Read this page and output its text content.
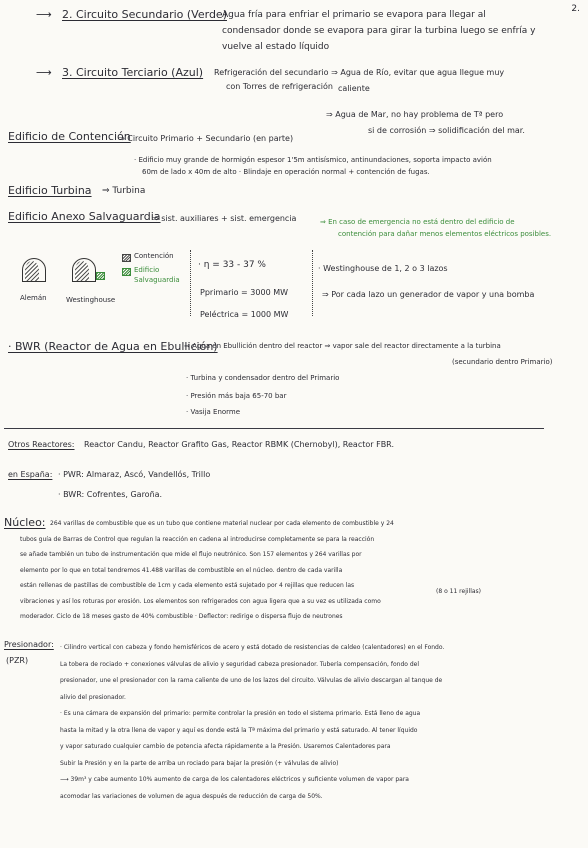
2.
⟶ 2. Circuito Secundario (Verde)
Agua fría para enfriar el primario se evapora para llegar al
condensador donde se evapora para girar la turbina luego se enfría y
vuelve al estado líquido
⟶ 3. Circuito Terciario (Azul) Refrigeración del secundario ⇒ Agua de Río, evitar que agua llegue muy
con Torres de refrigeración caliente
⇒ Agua de Mar, no hay problema de Tª pero
si de corrosión ⇒ solidificación del mar.
Edificio de Contención
⇒ Circuito Primario + Secundario (en parte)
· Edificio muy grande de hormigón espesor 1'5m antisísmico, antinundaciones, soporta impacto avión
60m de lado x 40m de alto · Blindaje en operación normal + contención de fugas.
Edificio Turbina ⇒ Turbina
Edificio Anexo Salvaguardia
⇒ sist. auxiliares + sist. emergencia	⇒ En caso de emergencia no está dentro del edificio de
contención para dañar menos elementos eléctricos posibles.
Alemán	Westinghouse
Contención
Edificio
Salvaguardia
· η = 33 - 37 %
Pprimario = 3000 MW
Peléctrica = 1000 MW
· Westinghouse de 1, 2 o 3 lazos
⇒ Por cada lazo un generador de vapor y una bomba
· BWR (Reactor de Agua en Ebullición)
⇒ Agua en Ebullición dentro del reactor ⇒ vapor sale del reactor directamente a la turbina
(secundario dentro Primario)
· Turbina y condensador dentro del Primario
· Presión más baja 65-70 bar
· Vasija Enorme
Otros Reactores: Reactor Candu, Reactor Grafito Gas, Reactor RBMK (Chernobyl), Reactor FBR.
en España: · PWR: Almaraz, Ascó, Vandellós, Trillo
· BWR: Cofrentes, Garoña.
Núcleo:
(8 o 11 rejillas)
264 varillas de combustible que es un tubo que contiene material nuclear por cada elemento de combustible y 24
tubos guía de Barras de Control que regulan la reacción en cadena al introducirse completamente se para la reacción
se añade también un tubo de instrumentación que mide el flujo neutrónico. Son 157 elementos y 264 varillas por
elemento por lo que en total tendremos 41.488 varillas de combustible en el núcleo. dentro de cada varilla
están rellenas de pastillas de combustible de 1cm y cada elemento está sujetado por 4 rejillas que reducen las
vibraciones y así los roturas por erosión. Los elementos son refrigerados con agua ligera que a su vez es utilizada como
moderador. Ciclo de 18 meses gasto de 40% combustible · Deflector: redirige o dispersa flujo de neutrones
Presionador:
(PZR)
· Cilindro vertical con cabeza y fondo hemisféricos de acero y está dotado de resistencias de caldeo (calentadores) en el Fondo.
La tobera de rociado + conexiones válvulas de alivio y seguridad cabeza presionador. Tubería compensación, fondo del
presionador, une el presionador con la rama caliente de uno de los lazos del circuito. Válvulas de alivio descargan al tanque de
alivio del presionador.
· Es una cámara de expansión del primario: permite controlar la presión en todo el sistema primario. Está lleno de agua
hasta la mitad y la otra llena de vapor y aquí es donde está la Tª máxima del primario y está saturado. Al tener líquido
y vapor saturado cualquier cambio de potencia afecta rápidamente a la Presión. Usaremos Calentadores para
Subir la Presión y en la parte de arriba un rociado para bajar la presión (+ válvulas de alivio)
⟶ 39m³ y cabe aumento 10% aumento de carga de los calentadores eléctricos y suficiente volumen de vapor para
acomodar las variaciones de volumen de agua después de reducción de carga de 50%.
